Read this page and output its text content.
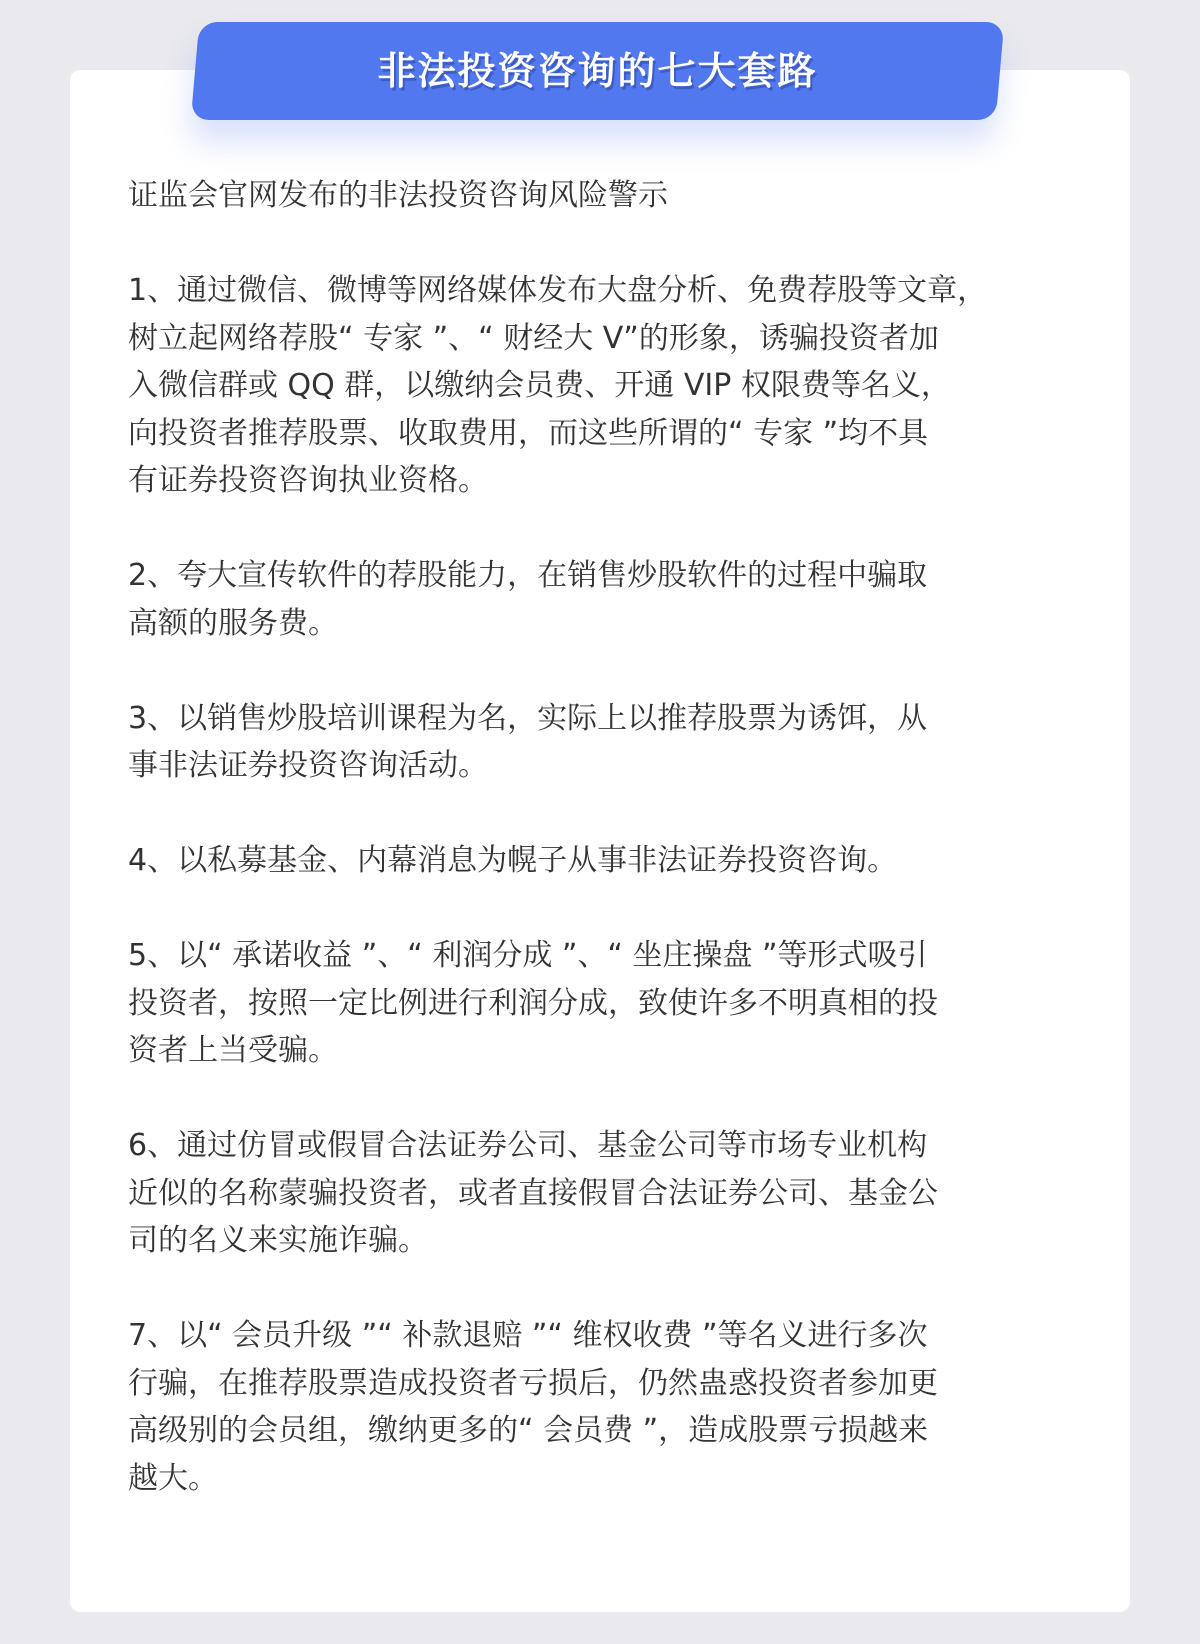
非法投资咨询的七大套路

证监会官网发布的非法投资咨询风险警示

1、通过微信、微博等网络媒体发布大盘分析、免费荐股等文章，
树立起网络荐股“ 专家 ”、“ 财经大 V”的形象，诱骗投资者加
入微信群或 QQ 群，以缴纳会员费、开通 VIP 权限费等名义，
向投资者推荐股票、收取费用，而这些所谓的“ 专家 ”均不具
有证券投资咨询执业资格。

2、夸大宣传软件的荐股能力，在销售炒股软件的过程中骗取
高额的服务费。

3、以销售炒股培训课程为名，实际上以推荐股票为诱饵，从
事非法证券投资咨询活动。

4、以私募基金、内幕消息为幌子从事非法证券投资咨询。

5、以“ 承诺收益 ”、“ 利润分成 ”、“ 坐庄操盘 ”等形式吸引
投资者，按照一定比例进行利润分成，致使许多不明真相的投
资者上当受骗。

6、通过仿冒或假冒合法证券公司、基金公司等市场专业机构
近似的名称蒙骗投资者，或者直接假冒合法证券公司、基金公
司的名义来实施诈骗。

7、以“ 会员升级 ”“ 补款退赔 ”“ 维权收费 ”等名义进行多次
行骗，在推荐股票造成投资者亏损后，仍然蛊惑投资者参加更
高级别的会员组，缴纳更多的“ 会员费 ”，造成股票亏损越来
越大。
